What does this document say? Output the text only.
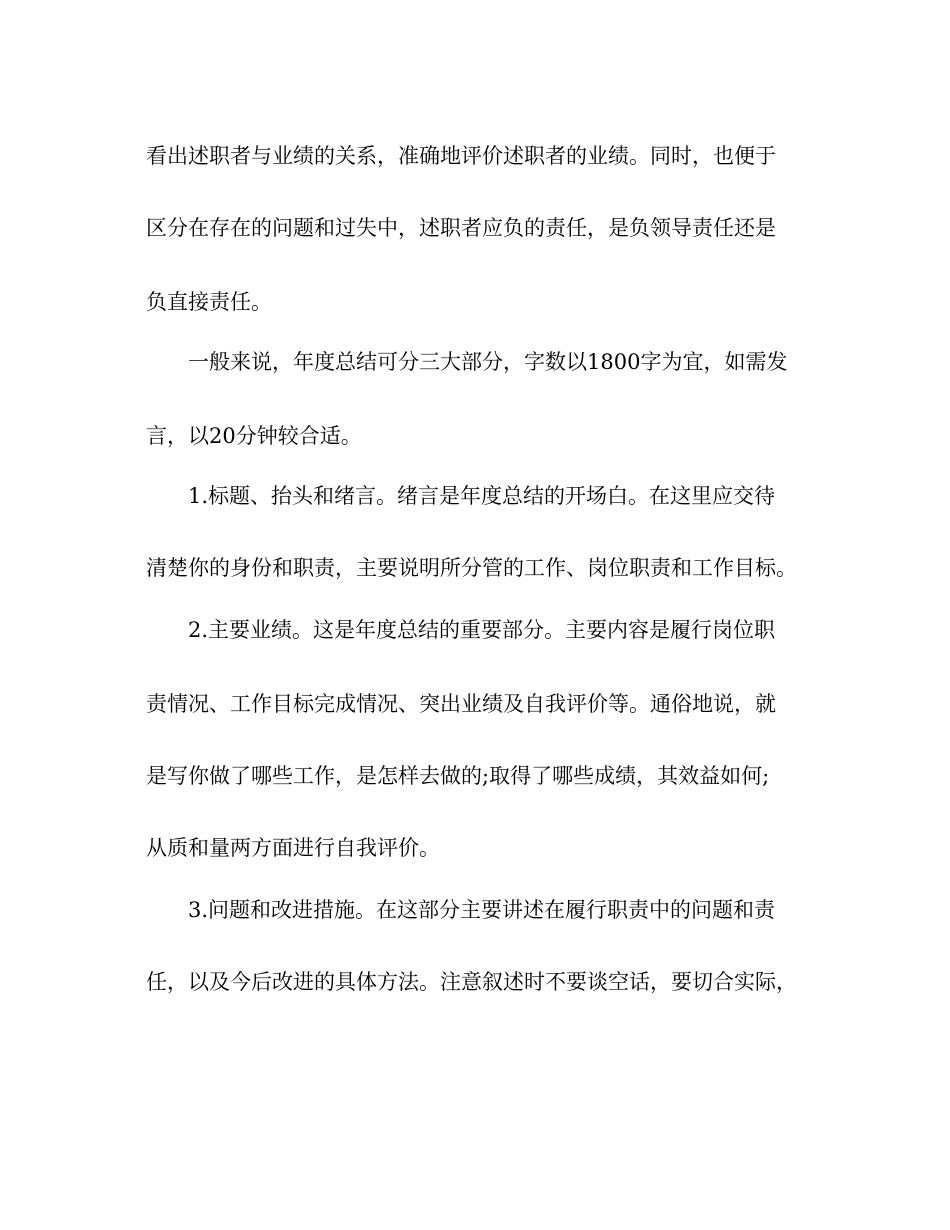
看出述职者与业绩的关系，准确地评价述职者的业绩。同时，也便于
区分在存在的问题和过失中，述职者应负的责任，是负领导责任还是
负直接责任。
一般来说，年度总结可分三大部分，字数以1800字为宜，如需发
言，以20分钟较合适。
1.标题、抬头和绪言。绪言是年度总结的开场白。在这里应交待
清楚你的身份和职责，主要说明所分管的工作、岗位职责和工作目标。
2.主要业绩。这是年度总结的重要部分。主要内容是履行岗位职
责情况、工作目标完成情况、突出业绩及自我评价等。通俗地说，就
是写你做了哪些工作，是怎样去做的;取得了哪些成绩，其效益如何;
从质和量两方面进行自我评价。
3.问题和改进措施。在这部分主要讲述在履行职责中的问题和责
任，以及今后改进的具体方法。注意叙述时不要谈空话，要切合实际，
